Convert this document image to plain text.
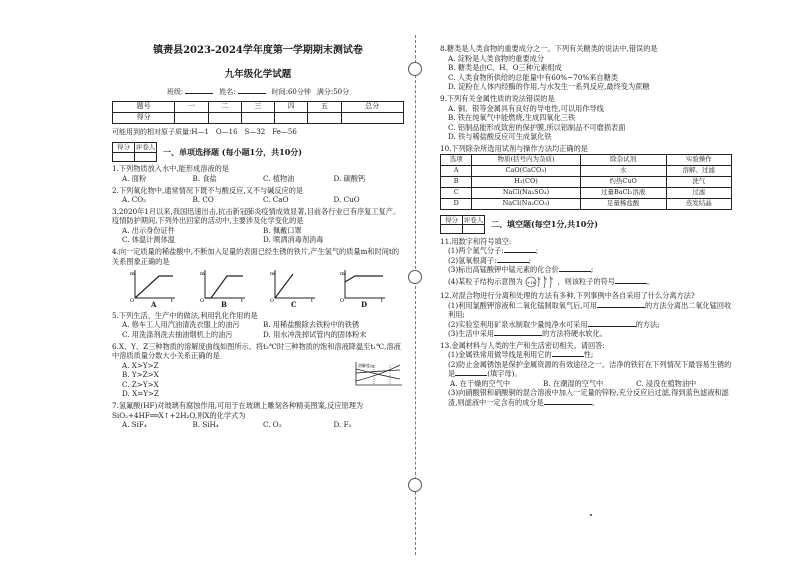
镇赉县2023-2024学年度第一学期期末测试卷
九年级化学试题
班级:	姓名:	时间:60分钟 满分:50分
题号	一	二	三	四	五	总分
得分						
可能用到的相对原子质量:H—1　O—16　S—32　Fe—56
得分	评卷人
	一、单项选择题 (每小题1分，共10分)
1.下列物质放入水中,能形成溶液的是
A. 面粉	B. 食盐	C. 植物油	D. 碳酸钙
2.下列氧化物中,通常情况下既不与酸反应,又不与碱反应的是
A. CO₂	B. CO	C. CaO	D. CuO
3.2020年1月以来,我国迅速出击,抗击新冠肺炎疫情成效显著,目前各行业已有序复工复产。疫情防护期间,下列外出回家的活动中,主要涉及化学变化的是
A. 出示身份证件	B. 佩戴口罩
C. 体温计测体温	D. 喷洒消毒剂消毒
4.向一定质量的稀盐酸中,不断加入足量的表面已经生锈的铁片,产生氢气的质量m和时间t的关系图象正确的是
m
t
O A
m
t
O B
m
t
O C
m
t
O D
5.下列生活、生产中的做法,利用乳化作用的是
A. 修车工人用汽油清洗衣服上的油污	B. 用稀盐酸除去铁粉中的铁锈
C. 用洗涤剂洗去抽油烟机上的油污	D. 用水冲洗掉试管内的固体粉末
6.X、Y、Z三种物质的溶解度曲线如图所示。将t₂℃时三种物质的饱和溶液降温至t₁℃,溶液中溶质质量分数大小关系正确的是
A. X>Y>Z
B. Y>Z>X
C. Z>Y>X
D. X=Y>Z
溶解度/g
7.氢氟酸(HF)对玻璃有腐蚀作用,可用于在玻璃上雕刻各种精美图案,反应原理为SiO₂+4HF══X↑+2H₂O,则X的化学式为
A. SiF₄	B. SiH₄	C. O₂	D. F₂
8.糖类是人类食物的重要成分之一。下列有关糖类的说法中,错误的是
A. 淀粉是人类食物的重要成分
B. 糖类是由C、H、O三种元素组成
C. 人类食物所供给的总能量中有60%~70%来自糖类
D. 淀粉在人体内经酶的作用,与水发生一系列反应,最终变为蔗糖
9.下列有关金属性质的说法错误的是
A. 铜、银等金属具有良好的导电性,可以用作导线
B. 铁在纯氧气中能燃烧,生成四氧化三铁
C. 铝制品能形成致密的保护膜,所以铝制品不可磨损表面
D. 铁与稀盐酸反应可生成氯化铁
10.下列除杂所选用试剂与操作方法均正确的是
选项	物质(括号内为杂质)	除杂试剂	实验操作
A	CaO(CaCO₃)	水	溶解、过滤
B	H₂(CO)	灼热CuO	洗气
C	NaCl(Na₂SO₄)	过量BaCl₂溶液	过滤
D	NaCl(Na₂CO₃)	足量稀盐酸	蒸发结晶
得分	评卷人
	二、填空题(每空1分,共10分)
11.用数字和符号填空:
(1)两个氮气分子:	;
(2)氢氧根离子:	;
(3)标出高锰酸钾中锰元素的化合价	;
(4)某粒子结构示意图为 +16
2 8 8 ，则该粒子的符号	。
12.对混合物进行分离和处理的方法有多种,下列事例中各自采用了什么分离方法?
(1)利用氯酸钾溶液和二氧化锰制取氧气后,可用	的方法分离出二氧化锰回收利用;
(2)实验室利用矿泉水制取少量纯净水可采用	的方法;
(3)生活中采用	的方法将硬水软化。
13.金属材料与人类的生产和生活密切相关。请回答:
(1)金属铁常用做导线是利用它的	性;
(2)防止金属锈蚀是保护金属资源的有效途径之一。洁净的铁钉在下列情况下最容易生锈的是	(填字母)。
A. 在干燥的空气中	B. 在潮湿的空气中	C. 浸没在植物油中
(3)向硝酸银和硝酸铜的混合溶液中加入一定量的锌粉,充分反应后过滤,得到蓝色滤液和滤渣,则滤液中一定含有的成分是	。
